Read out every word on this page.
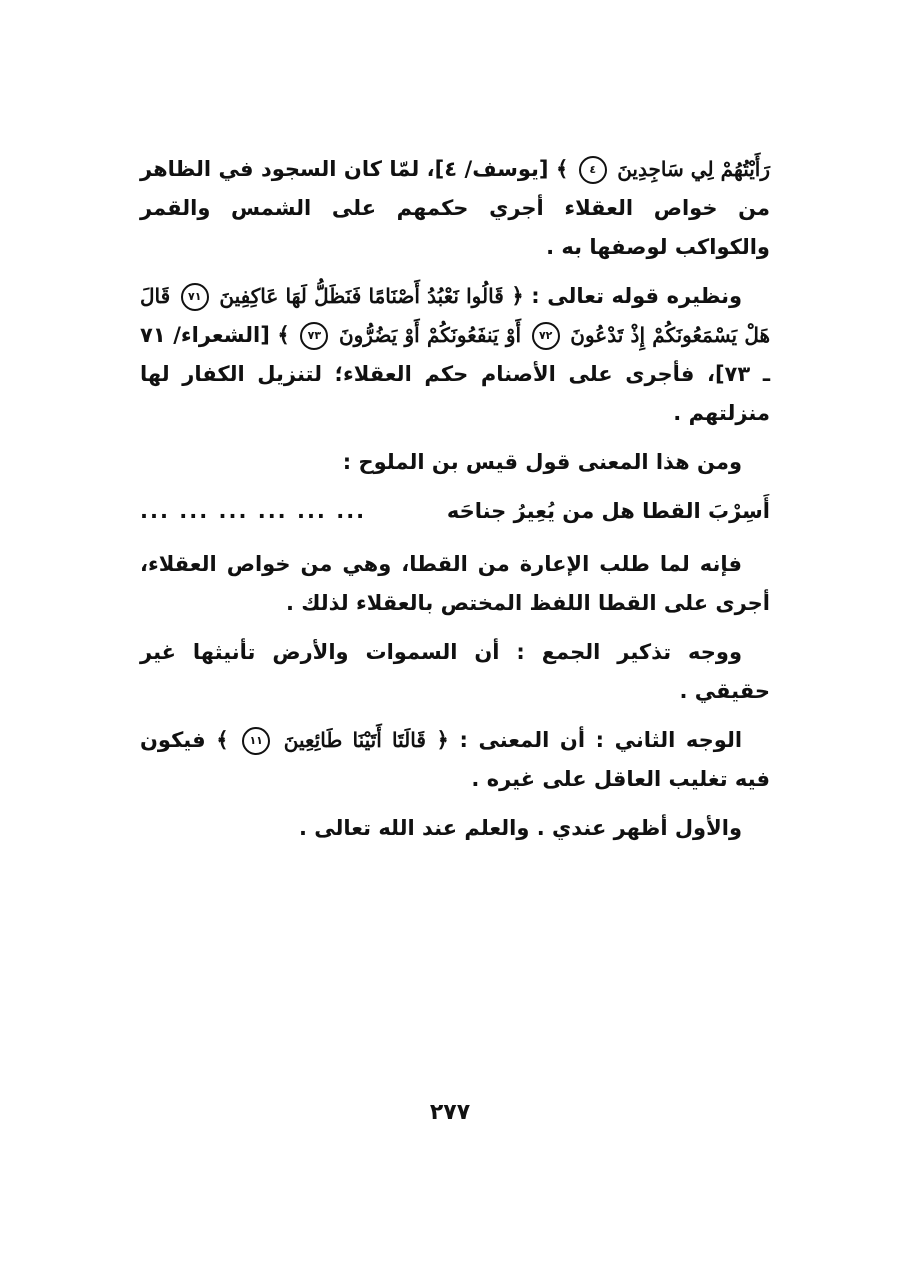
رَأَيْتُهُمْ لِي سَاجِدِينَ ٤ ﴾ [يوسف/ ٤]، لمّا كان السجود في الظاهر من خواص العقلاء أجري حكمهم على الشمس والقمر والكواكب لوصفها به .

ونظيره قوله تعالى : ﴿ قَالُوا نَعْبُدُ أَصْنَامًا فَنَظَلُّ لَهَا عَاكِفِينَ ٧١ قَالَ هَلْ يَسْمَعُونَكُمْ إِذْ تَدْعُونَ ٧٢ أَوْ يَنفَعُونَكُمْ أَوْ يَضُرُّونَ ٧٣ ﴾ [الشعراء/ ٧١ ـ ٧٣]، فأجرى على الأصنام حكم العقلاء؛ لتنزيل الكفار لها منزلتهم .

ومن هذا المعنى قول قيس بن الملوح :

أَسِرْبَ القطا هل من يُعِيرُ جناحَه
... ... ... ... ... ...

فإنه لما طلب الإعارة من القطا، وهي من خواص العقلاء، أجرى على القطا اللفظ المختص بالعقلاء لذلك .

ووجه تذكير الجمع : أن السموات والأرض تأنيثها غير حقيقي .

الوجه الثاني : أن المعنى : ﴿ قَالَتَا أَتَيْنَا طَائِعِينَ ١١ ﴾ فيكون فيه تغليب العاقل على غيره .

والأول أظهر عندي . والعلم عند الله تعالى .

٢٧٧
